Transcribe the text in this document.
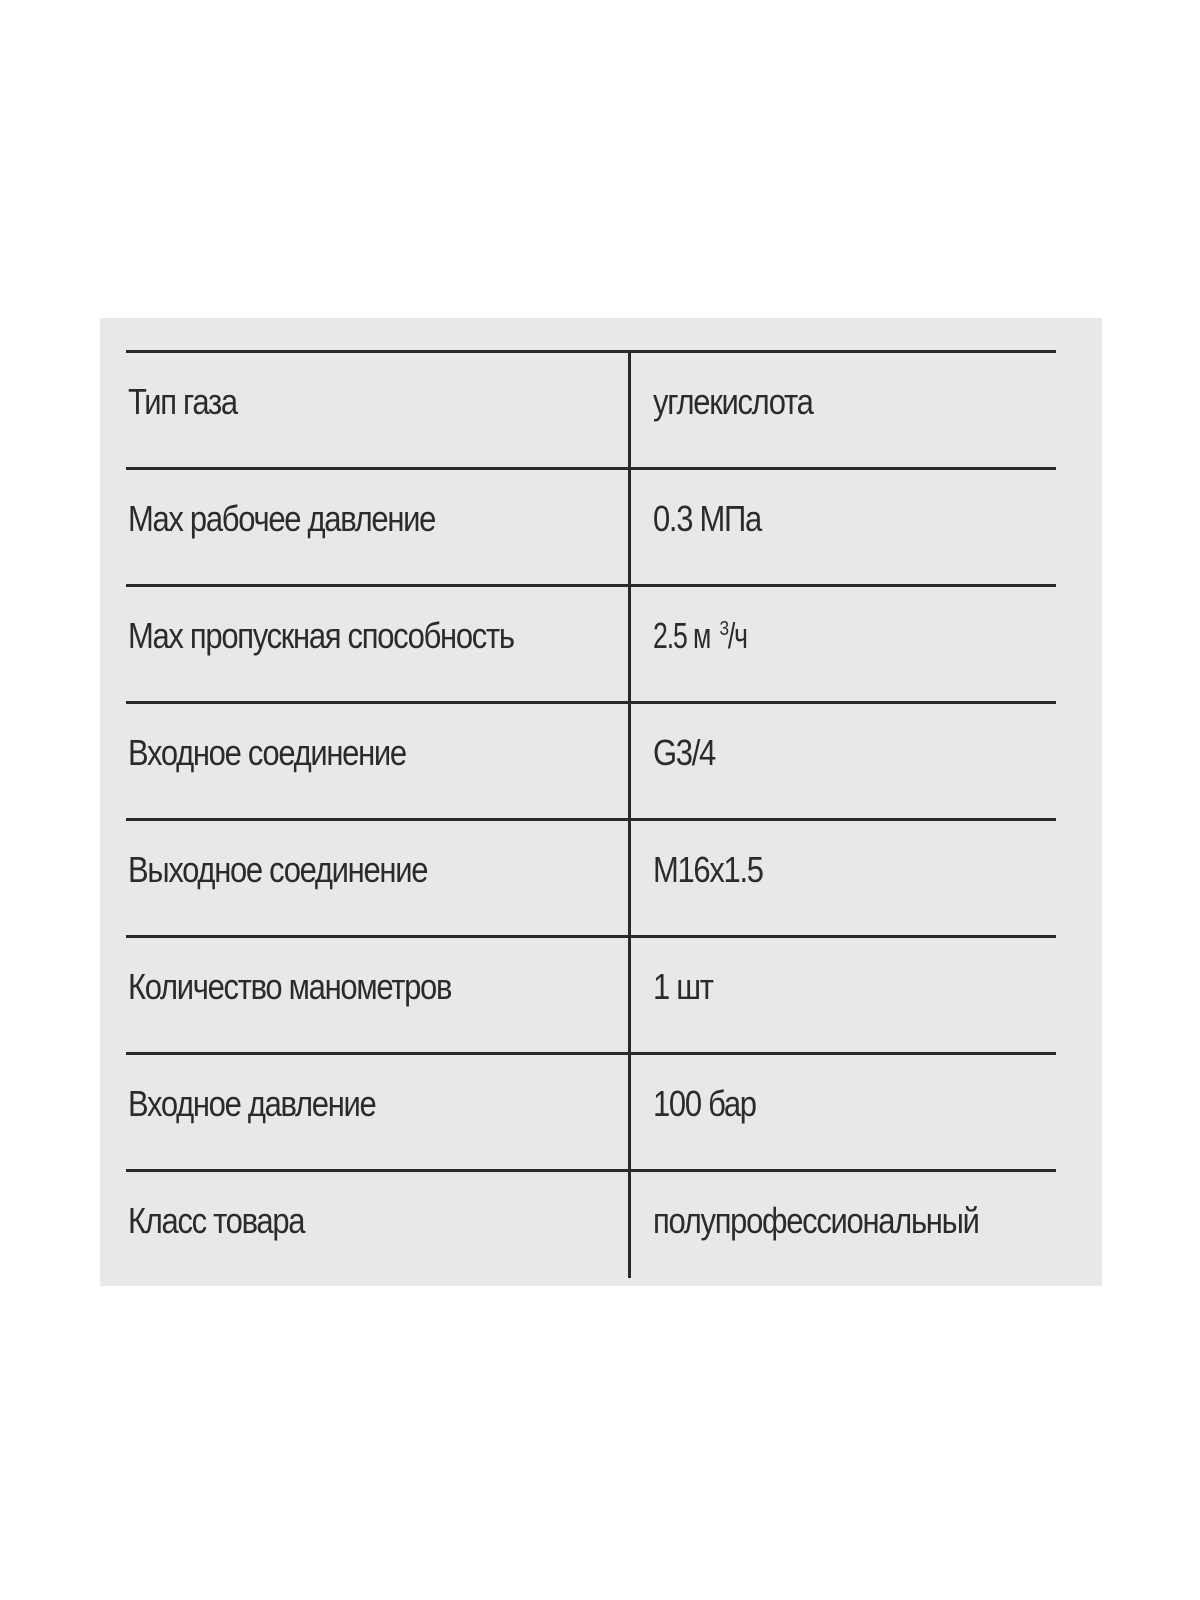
Тип газа	углекислота
Max рабочее давление	0.3 МПа
Max пропускная способность	2.5 м $^3$/ч
Входное соединение	G3/4
Выходное соединение	M16x1.5
Количество манометров	1 шт
Входное давление	100 бар
Класс товара	полупрофессиональный
